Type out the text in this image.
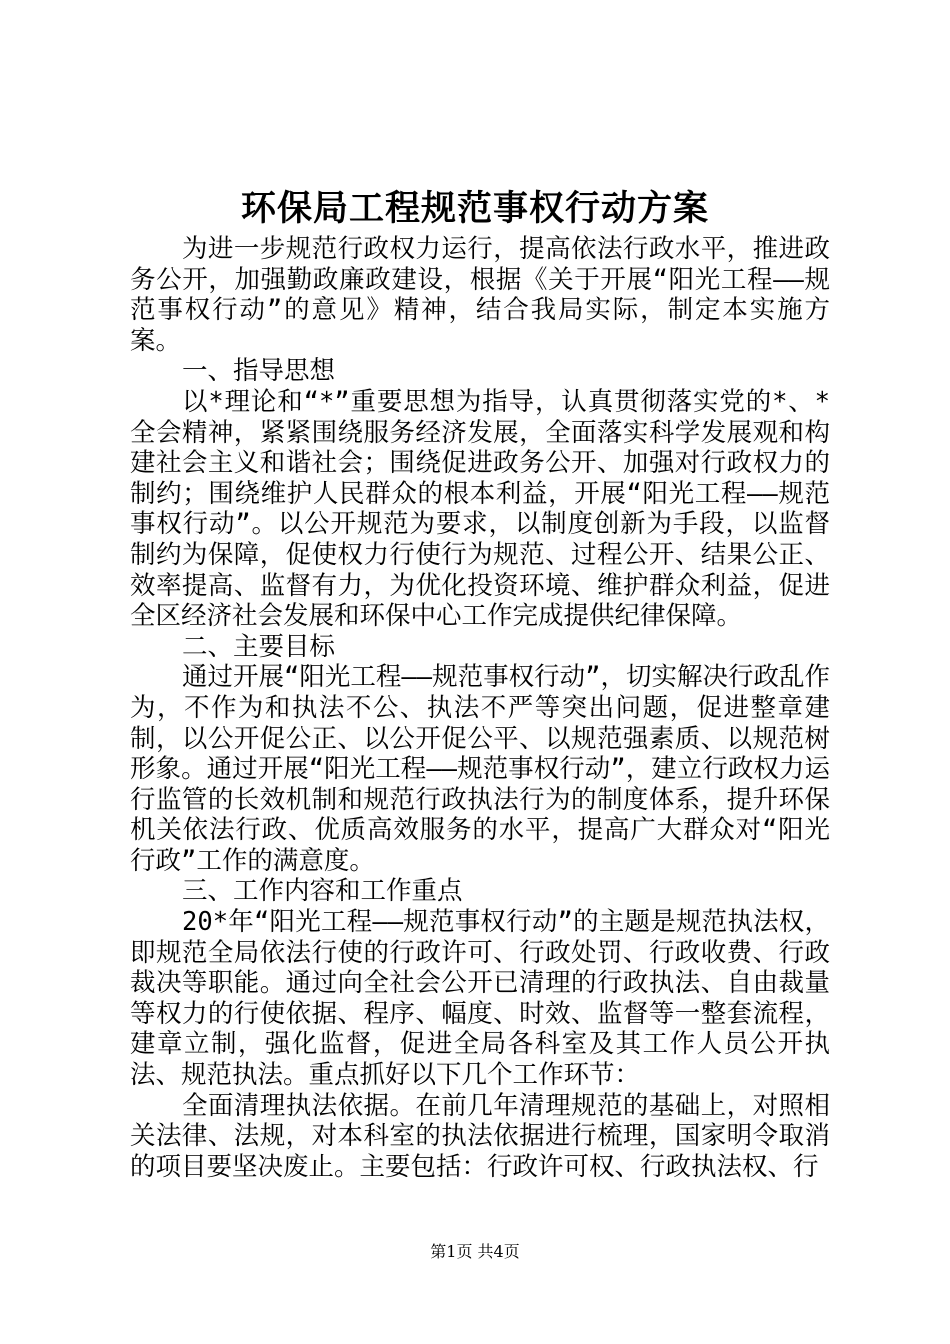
环保局工程规范事权行动方案

为进一步规范行政权力运行，提高依法行政水平，推进政务公开，加强勤政廉政建设，根据《关于开展“阳光工程——规范事权行动”的意见》精神，结合我局实际，制定本实施方案。

一、指导思想

以*理论和“*”重要思想为指导，认真贯彻落实党的*、*全会精神，紧紧围绕服务经济发展，全面落实科学发展观和构建社会主义和谐社会；围绕促进政务公开、加强对行政权力的制约；围绕维护人民群众的根本利益，开展“阳光工程——规范事权行动”。以公开规范为要求，以制度创新为手段，以监督制约为保障，促使权力行使行为规范、过程公开、结果公正、效率提高、监督有力，为优化投资环境、维护群众利益，促进全区经济社会发展和环保中心工作完成提供纪律保障。

二、主要目标

通过开展“阳光工程——规范事权行动”，切实解决行政乱作为，不作为和执法不公、执法不严等突出问题，促进整章建制，以公开促公正、以公开促公平、以规范强素质、以规范树形象。通过开展“阳光工程——规范事权行动”，建立行政权力运行监管的长效机制和规范行政执法行为的制度体系，提升环保机关依法行政、优质高效服务的水平，提高广大群众对“阳光行政”工作的满意度。

三、工作内容和工作重点

20*年“阳光工程——规范事权行动”的主题是规范执法权，即规范全局依法行使的行政许可、行政处罚、行政收费、行政裁决等职能。通过向全社会公开已清理的行政执法、自由裁量等权力的行使依据、程序、幅度、时效、监督等一整套流程，建章立制，强化监督，促进全局各科室及其工作人员公开执法、规范执法。重点抓好以下几个工作环节：

全面清理执法依据。在前几年清理规范的基础上，对照相关法律、法规，对本科室的执法依据进行梳理，国家明令取消的项目要坚决废止。主要包括：行政许可权、行政执法权、行

第1页 共4页
